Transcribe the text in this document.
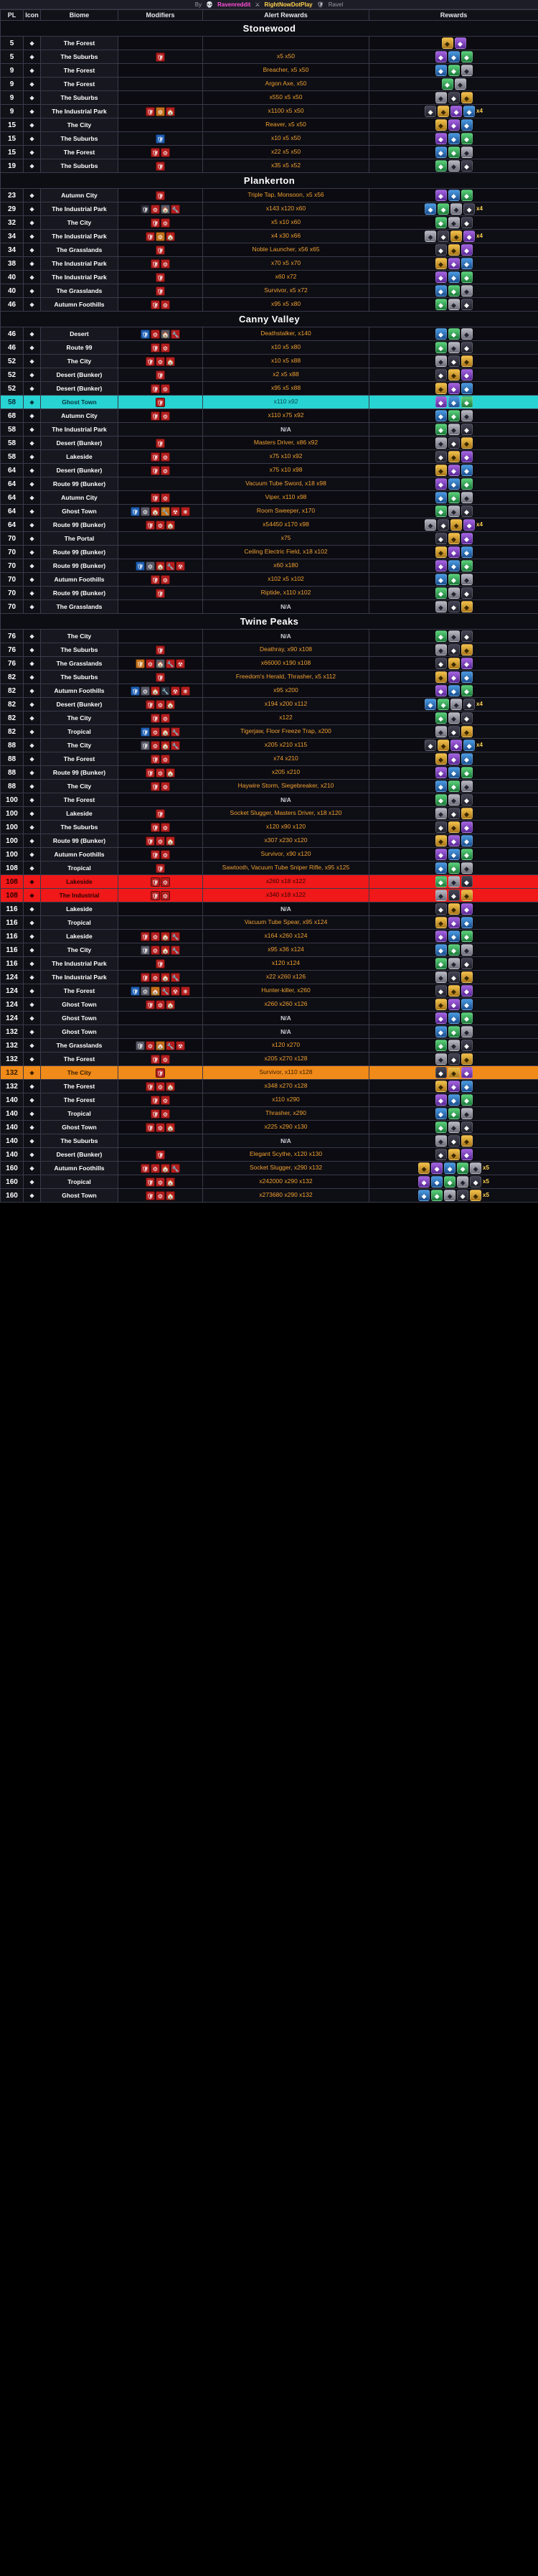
By 💀 Ravenreddit ⚔ RightNowDotPlay 🛡 Ravel
PL	Icon	Biome	Modifiers	Alert Rewards	Rewards
Stonewood					
5	⬥	The Forest			◆ ◆

5	⬥	The Suburbs	🛡	x5 x50	◆ ◆ ◆

9	⬥	The Forest		Breacher, x5 x50	◆ ◆ ◆

9	⬥	The Forest		Argon Axe, x50	◆ ◆

9	⬥	The Suburbs		x550 x5 x50	◆ ◆ ◆

9	⬥	The Industrial Park	🛡 ⚙ 🏠	x1100 x5 x50	◆ ◆ ◆ ◆ x4

15	⬥	The City		Reaver, x5 x50	◆ ◆ ◆

15	⬥	The Suburbs	🛡	x10 x5 x50	◆ ◆ ◆

15	⬥	The Forest	🛡 ⚙	x22 x5 x50	◆ ◆ ◆

19	⬥	The Suburbs	🛡	x35 x5 x52	◆ ◆ ◆

Plankerton					
23	⬥	Autumn City	🛡	Triple Tap, Monsoon, x5 x56	◆ ◆ ◆

29	⬥	The Industrial Park	🛡 ⚙ 🏠 🔧	x143 x120 x60	◆ ◆ ◆ ◆ x4

32	⬥	The City	🛡 ⚙	x5 x10 x60	◆ ◆ ◆

34	⬥	The Industrial Park	🛡 ⚙ 🏠	x4 x30 x66	◆ ◆ ◆ ◆ x4

34	⬥	The Grasslands	🛡	Noble Launcher, x56 x65	◆ ◆ ◆

38	⬥	The Industrial Park	🛡 ⚙	x70 x5 x70	◆ ◆ ◆

40	⬥	The Industrial Park	🛡	x60 x72	◆ ◆ ◆

40	⬥	The Grasslands	🛡	Survivor, x5 x72	◆ ◆ ◆

46	⬥	Autumn Foothills	🛡 ⚙	x95 x5 x80	◆ ◆ ◆

Canny Valley					
46	⬥	Desert	🛡 ⚙ 🏠 🔧	Deathstalker, x140	◆ ◆ ◆

46	⬥	Route 99	🛡 ⚙	x10 x5 x80	◆ ◆ ◆

52	⬥	The City	🛡 ⚙ 🏠	x10 x5 x88	◆ ◆ ◆

52	⬥	Desert (Bunker)	🛡	x2 x5 x88	◆ ◆ ◆

52	⬥	Desert (Bunker)	🛡 ⚙	x95 x5 x88	◆ ◆ ◆

58	⬥	Ghost Town	🛡	x110 x92	◆ ◆ ◆

68	⬥	Autumn City	🛡 ⚙	x110 x75 x92	◆ ◆ ◆

58	⬥	The Industrial Park		N/A	◆ ◆ ◆

58	⬥	Desert (Bunker)	🛡	Masters Driver, x86 x92	◆ ◆ ◆

58	⬥	Lakeside	🛡 ⚙	x75 x10 x92	◆ ◆ ◆

64	⬥	Desert (Bunker)	🛡 ⚙	x75 x10 x98	◆ ◆ ◆

64	⬥	Route 99 (Bunker)		Vacuum Tube Sword, x18 x98	◆ ◆ ◆

64	⬥	Autumn City	🛡 ⚙	Viper, x110 x98	◆ ◆ ◆

64	⬥	Ghost Town	🛡 ⚙ 🏠 🔧 ☢ ❄	Room Sweeper, x170	◆ ◆ ◆

64	⬥	Route 99 (Bunker)	🛡 ⚙ 🏠	x54450 x170 x98	◆ ◆ ◆ ◆ x4

70	⬥	The Portal		x75	◆ ◆ ◆

70	⬥	Route 99 (Bunker)		Ceiling Electric Field, x18 x102	◆ ◆ ◆

70	⬥	Route 99 (Bunker)	🛡 ⚙ 🏠 🔧 ☢	x60 x180	◆ ◆ ◆

70	⬥	Autumn Foothills	🛡 ⚙	x102 x5 x102	◆ ◆ ◆

70	⬥	Route 99 (Bunker)	🛡	Riptide, x110 x102	◆ ◆ ◆

70	⬥	The Grasslands		N/A	◆ ◆ ◆

Twine Peaks					
76	⬥	The City		N/A	◆ ◆ ◆

76	⬥	The Suburbs	🛡	Deathray, x90 x108	◆ ◆ ◆

76	⬥	The Grasslands	🛡 ⚙ 🏠 🔧 ☢	x66000 x190 x108	◆ ◆ ◆

82	⬥	The Suburbs	🛡	Freedom's Herald, Thrasher, x5 x112	◆ ◆ ◆

82	⬥	Autumn Foothills	🛡 ⚙ 🏠 🔧 ☢ ❄	x95 x200	◆ ◆ ◆

82	⬥	Desert (Bunker)	🛡 ⚙ 🏠	x194 x200 x112	◆ ◆ ◆ ◆ x4

82	⬥	The City	🛡 ⚙	x122	◆ ◆ ◆

82	⬥	Tropical	🛡 ⚙ 🏠 🔧	Tigerjaw, Floor Freeze Trap, x200	◆ ◆ ◆

88	⬥	The City	🛡 ⚙ 🏠 🔧	x205 x210 x115	◆ ◆ ◆ ◆ x4

88	⬥	The Forest	🛡 ⚙	x74 x210	◆ ◆ ◆

88	⬥	Route 99 (Bunker)	🛡 ⚙ 🏠	x205 x210	◆ ◆ ◆

88	⬥	The City	🛡 ⚙	Haywire Storm, Siegebreaker, x210	◆ ◆ ◆

100	⬥	The Forest		N/A	◆ ◆ ◆

100	⬥	Lakeside	🛡	Socket Slugger, Masters Driver, x18 x120	◆ ◆ ◆

100	⬥	The Suburbs	🛡 ⚙	x120 x90 x120	◆ ◆ ◆

100	⬥	Route 99 (Bunker)	🛡 ⚙ 🏠	x307 x230 x120	◆ ◆ ◆

100	⬥	Autumn Foothills	🛡 ⚙	Survivor, x90 x120	◆ ◆ ◆

108	⬥	Tropical	🛡	Sawtooth, Vacuum Tube Sniper Rifle, x95 x125	◆ ◆ ◆

108	⬥	Lakeside	🛡 ⚙	x260 x18 x122	◆ ◆ ◆

108	⬥	The Industrial	🛡 ⚙	x340 x18 x122	◆ ◆ ◆

116	⬥	Lakeside		N/A	◆ ◆ ◆

116	⬥	Tropical		Vacuum Tube Spear, x95 x124	◆ ◆ ◆

116	⬥	Lakeside	🛡 ⚙ 🏠 🔧	x164 x260 x124	◆ ◆ ◆

116	⬥	The City	🛡 ⚙ 🏠 🔧	x95 x36 x124	◆ ◆ ◆

116	⬥	The Industrial Park	🛡	x120 x124	◆ ◆ ◆

124	⬥	The Industrial Park	🛡 ⚙ 🏠 🔧	x22 x260 x126	◆ ◆ ◆

124	⬥	The Forest	🛡 ⚙ 🏠 🔧 ☢ ❄	Hunter-killer, x260	◆ ◆ ◆

124	⬥	Ghost Town	🛡 ⚙ 🏠	x260 x260 x126	◆ ◆ ◆

124	⬥	Ghost Town		N/A	◆ ◆ ◆

132	⬥	Ghost Town		N/A	◆ ◆ ◆

132	⬥	The Grasslands	🛡 ⚙ 🏠 🔧 ☢	x120 x270	◆ ◆ ◆

132	⬥	The Forest	🛡 ⚙	x205 x270 x128	◆ ◆ ◆

132	⬥	The City	🛡	Survivor, x110 x128	◆ ◆ ◆

132	⬥	The Forest	🛡 ⚙ 🏠	x348 x270 x128	◆ ◆ ◆

140	⬥	The Forest	🛡 ⚙	x110 x290	◆ ◆ ◆

140	⬥	Tropical	🛡 ⚙	Thrasher, x290	◆ ◆ ◆

140	⬥	Ghost Town	🛡 ⚙ 🏠	x225 x290 x130	◆ ◆ ◆

140	⬥	The Suburbs		N/A	◆ ◆ ◆

140	⬥	Desert (Bunker)	🛡	Elegant Scythe, x120 x130	◆ ◆ ◆

160	⬥	Autumn Foothills	🛡 ⚙ 🏠 🔧	Socket Slugger, x290 x132	◆	◆	◆	◆	◆ x5

160	⬥	Tropical	🛡 ⚙ 🏠	x242000 x290 x132	◆	◆	◆	◆	◆ x5

160	⬥	Ghost Town	🛡 ⚙ 🏠	x273680 x290 x132	◆	◆	◆	◆	◆ x5
